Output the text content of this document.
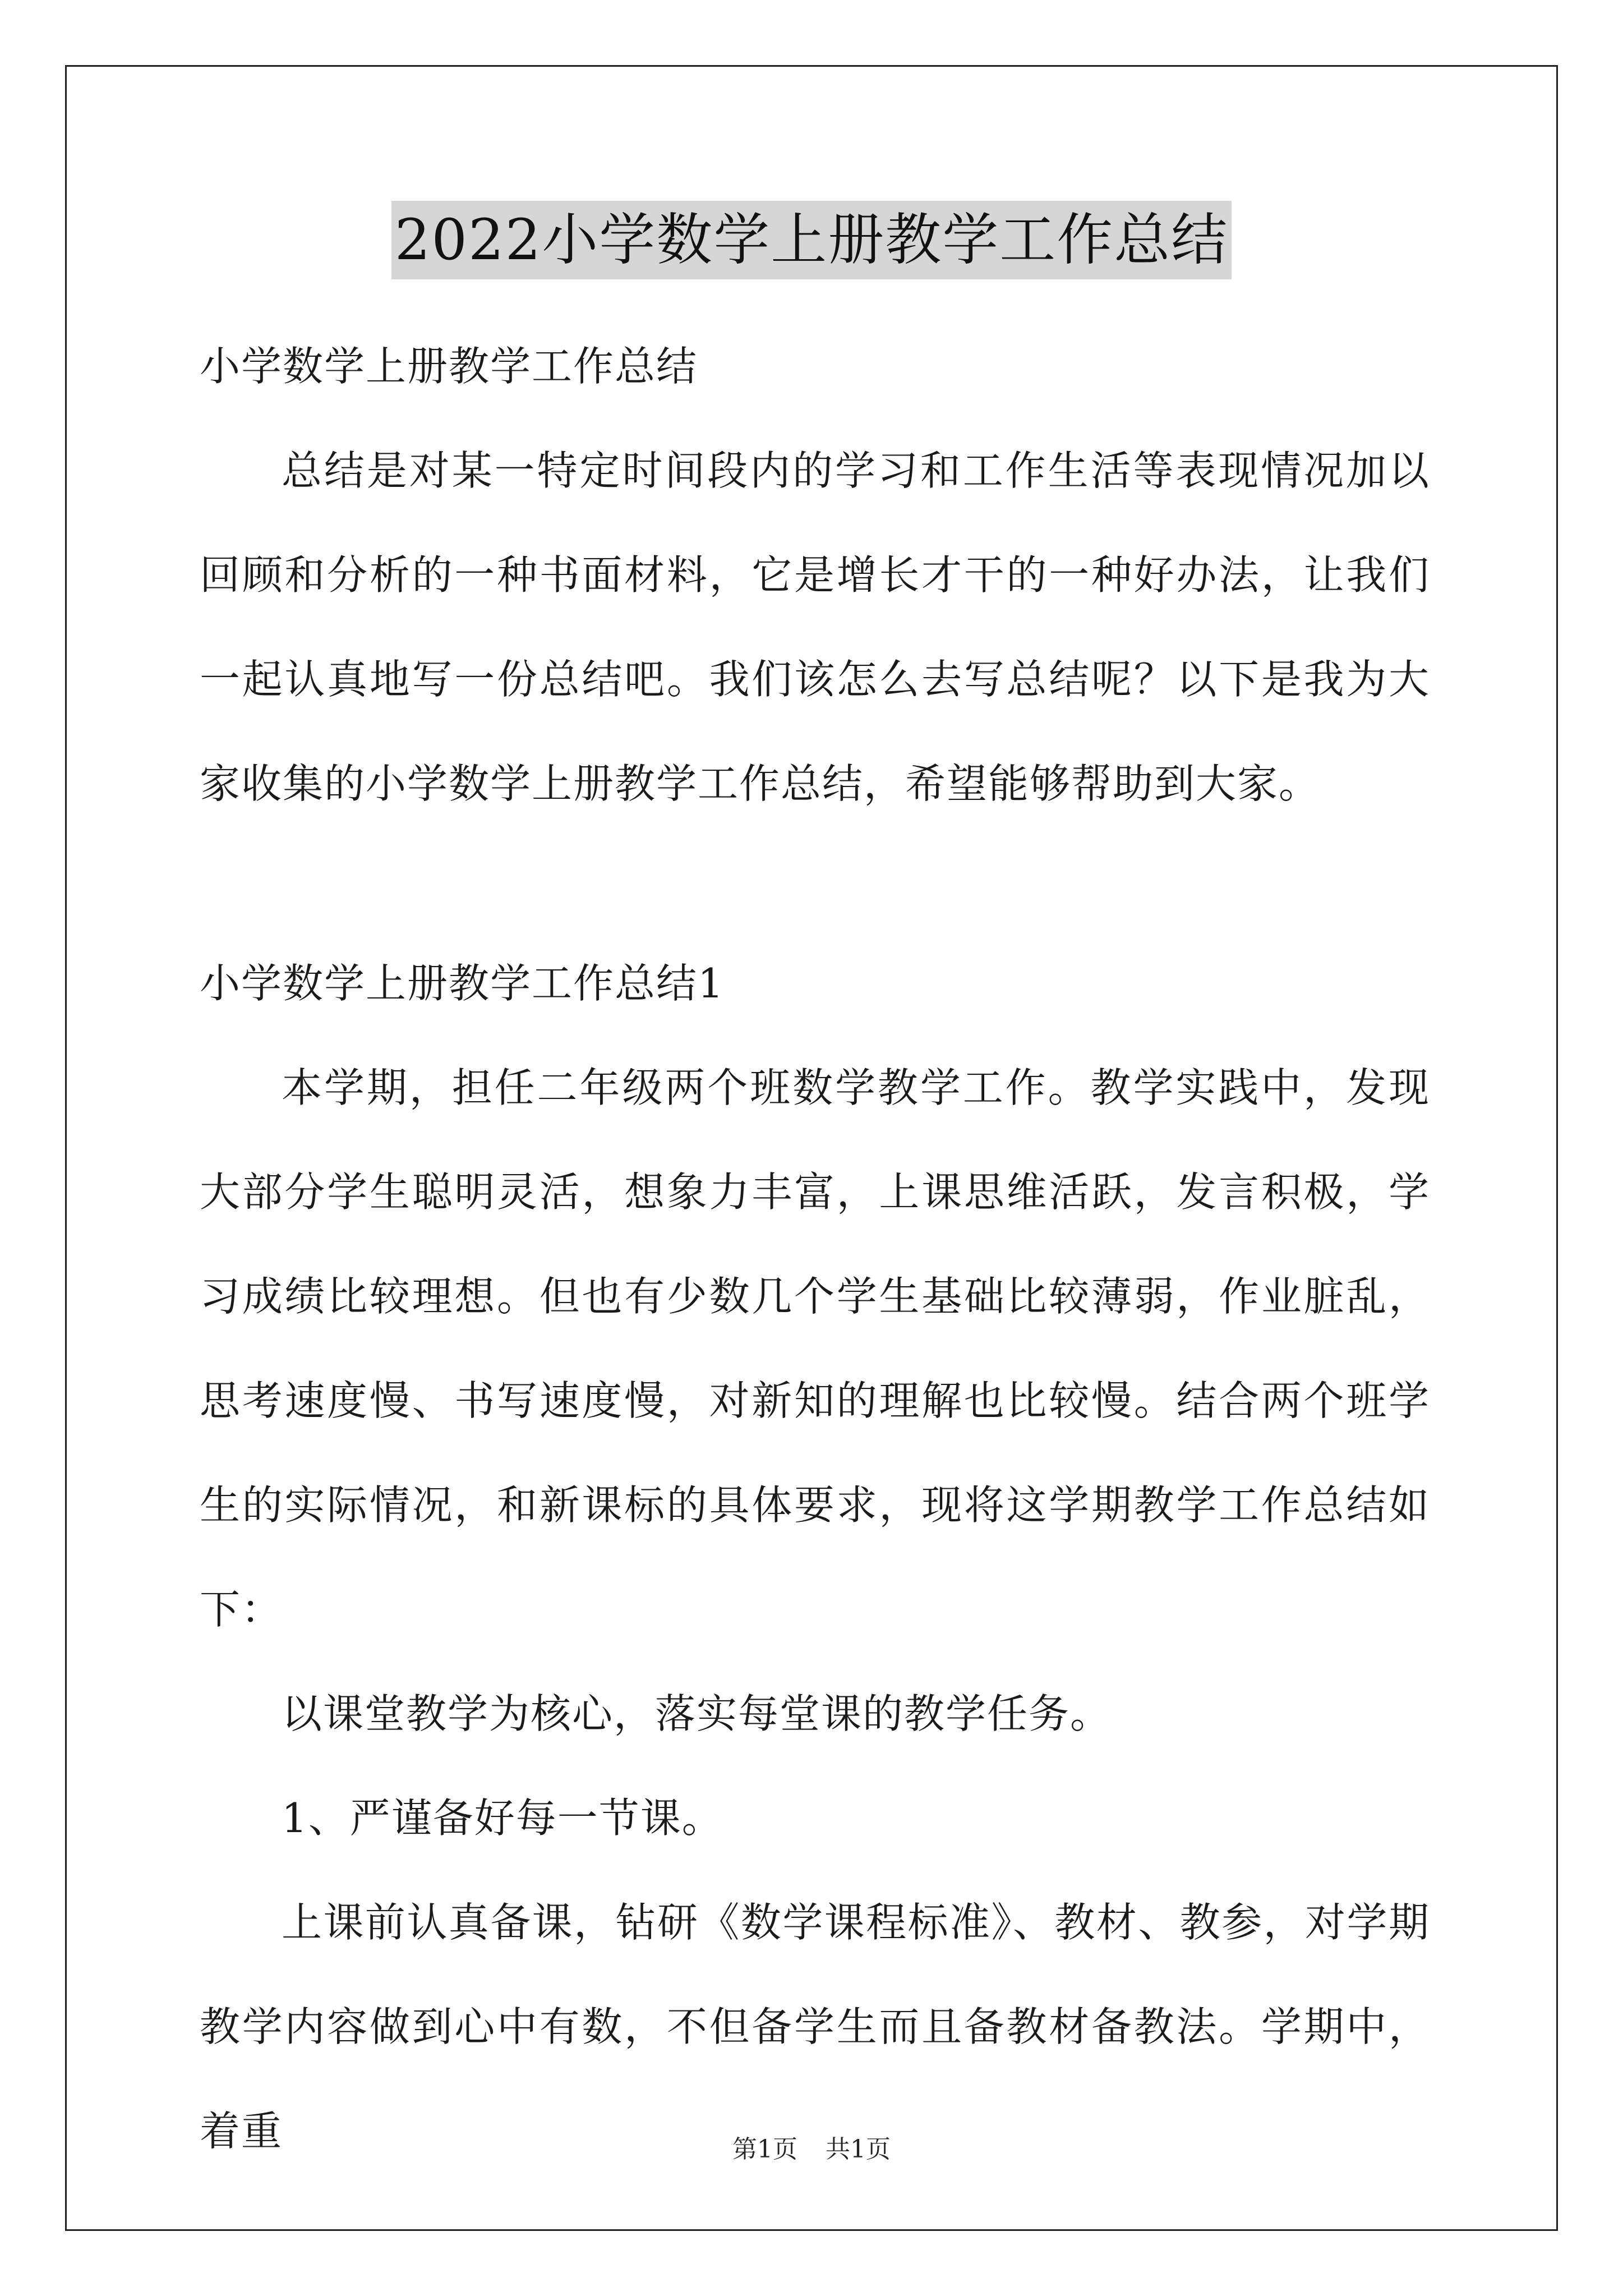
2022小学数学上册教学工作总结

小学数学上册教学工作总结

总结是对某一特定时间段内的学习和工作生活等表现情况加以回顾和分析的一种书面材料，它是增长才干的一种好办法，让我们一起认真地写一份总结吧。我们该怎么去写总结呢？以下是我为大家收集的小学数学上册教学工作总结，希望能够帮助到大家。

小学数学上册教学工作总结1

本学期，担任二年级两个班数学教学工作。教学实践中，发现大部分学生聪明灵活，想象力丰富，上课思维活跃，发言积极，学习成绩比较理想。但也有少数几个学生基础比较薄弱，作业脏乱，思考速度慢、书写速度慢，对新知的理解也比较慢。结合两个班学生的实际情况，和新课标的具体要求，现将这学期教学工作总结如下：

以课堂教学为核心，落实每堂课的教学任务。

1、严谨备好每一节课。

上课前认真备课，钻研《数学课程标准》、教材、教参，对学期教学内容做到心中有数，不但备学生而且备教材备教法。学期中，着重	第1页 共1页
